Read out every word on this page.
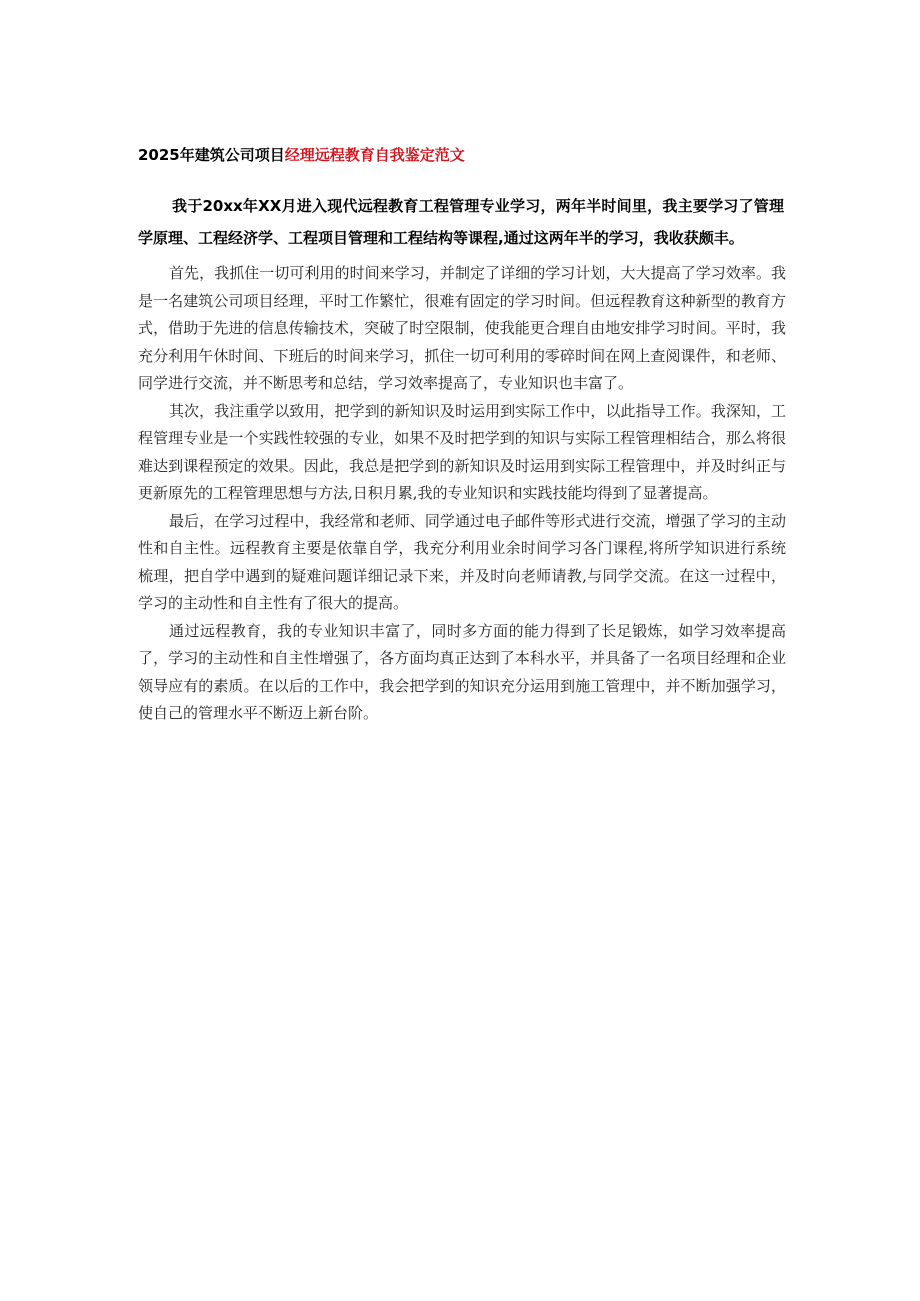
2025年建筑公司项目经理远程教育自我鉴定范文

我于20xx年XX月进入现代远程教育工程管理专业学习，两年半时间里，我主要学习了管理学原理、工程经济学、工程项目管理和工程结构等课程,通过这两年半的学习，我收获颇丰。

首先，我抓住一切可利用的时间来学习，并制定了详细的学习计划，大大提高了学习效率。我是一名建筑公司项目经理，平时工作繁忙，很难有固定的学习时间。但远程教育这种新型的教育方式，借助于先进的信息传输技术，突破了时空限制，使我能更合理自由地安排学习时间。平时，我充分利用午休时间、下班后的时间来学习，抓住一切可利用的零碎时间在网上查阅课件，和老师、同学进行交流，并不断思考和总结，学习效率提高了，专业知识也丰富了。

其次，我注重学以致用，把学到的新知识及时运用到实际工作中，以此指导工作。我深知，工程管理专业是一个实践性较强的专业，如果不及时把学到的知识与实际工程管理相结合，那么将很难达到课程预定的效果。因此，我总是把学到的新知识及时运用到实际工程管理中，并及时纠正与更新原先的工程管理思想与方法,日积月累,我的专业知识和实践技能均得到了显著提高。

最后，在学习过程中，我经常和老师、同学通过电子邮件等形式进行交流，增强了学习的主动性和自主性。远程教育主要是依靠自学，我充分利用业余时间学习各门课程,将所学知识进行系统梳理，把自学中遇到的疑难问题详细记录下来，并及时向老师请教,与同学交流。在这一过程中，学习的主动性和自主性有了很大的提高。

通过远程教育，我的专业知识丰富了，同时多方面的能力得到了长足锻炼，如学习效率提高了，学习的主动性和自主性增强了，各方面均真正达到了本科水平，并具备了一名项目经理和企业领导应有的素质。在以后的工作中，我会把学到的知识充分运用到施工管理中，并不断加强学习，使自己的管理水平不断迈上新台阶。
